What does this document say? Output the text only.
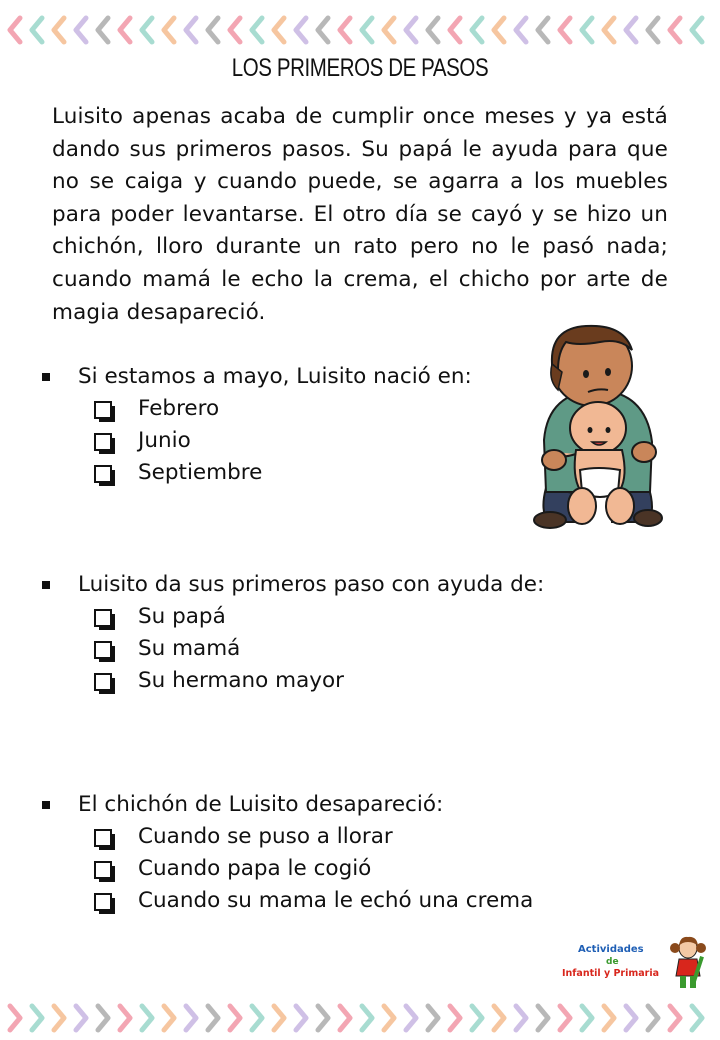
LOS PRIMEROS DE PASOS

Luisito apenas acaba de cumplir once meses y ya está dando sus primeros pasos. Su papá le ayuda para que no se caiga y cuando puede, se agarra a los muebles para poder levantarse. El otro día se cayó y se hizo un chichón, lloro durante un rato pero no le pasó nada; cuando mamá le echo la crema, el chicho por arte de magia desapareció.

Si estamos a mayo, Luisito nació en:
Febrero
Junio
Septiembre
Luisito da sus primeros paso con ayuda de:
Su papá
Su mamá
Su hermano mayor
El chichón de Luisito desapareció:
Cuando se puso a llorar
Cuando papa le cogió
Cuando su mama le echó una crema
Actividades
de
Infantil y Primaria
